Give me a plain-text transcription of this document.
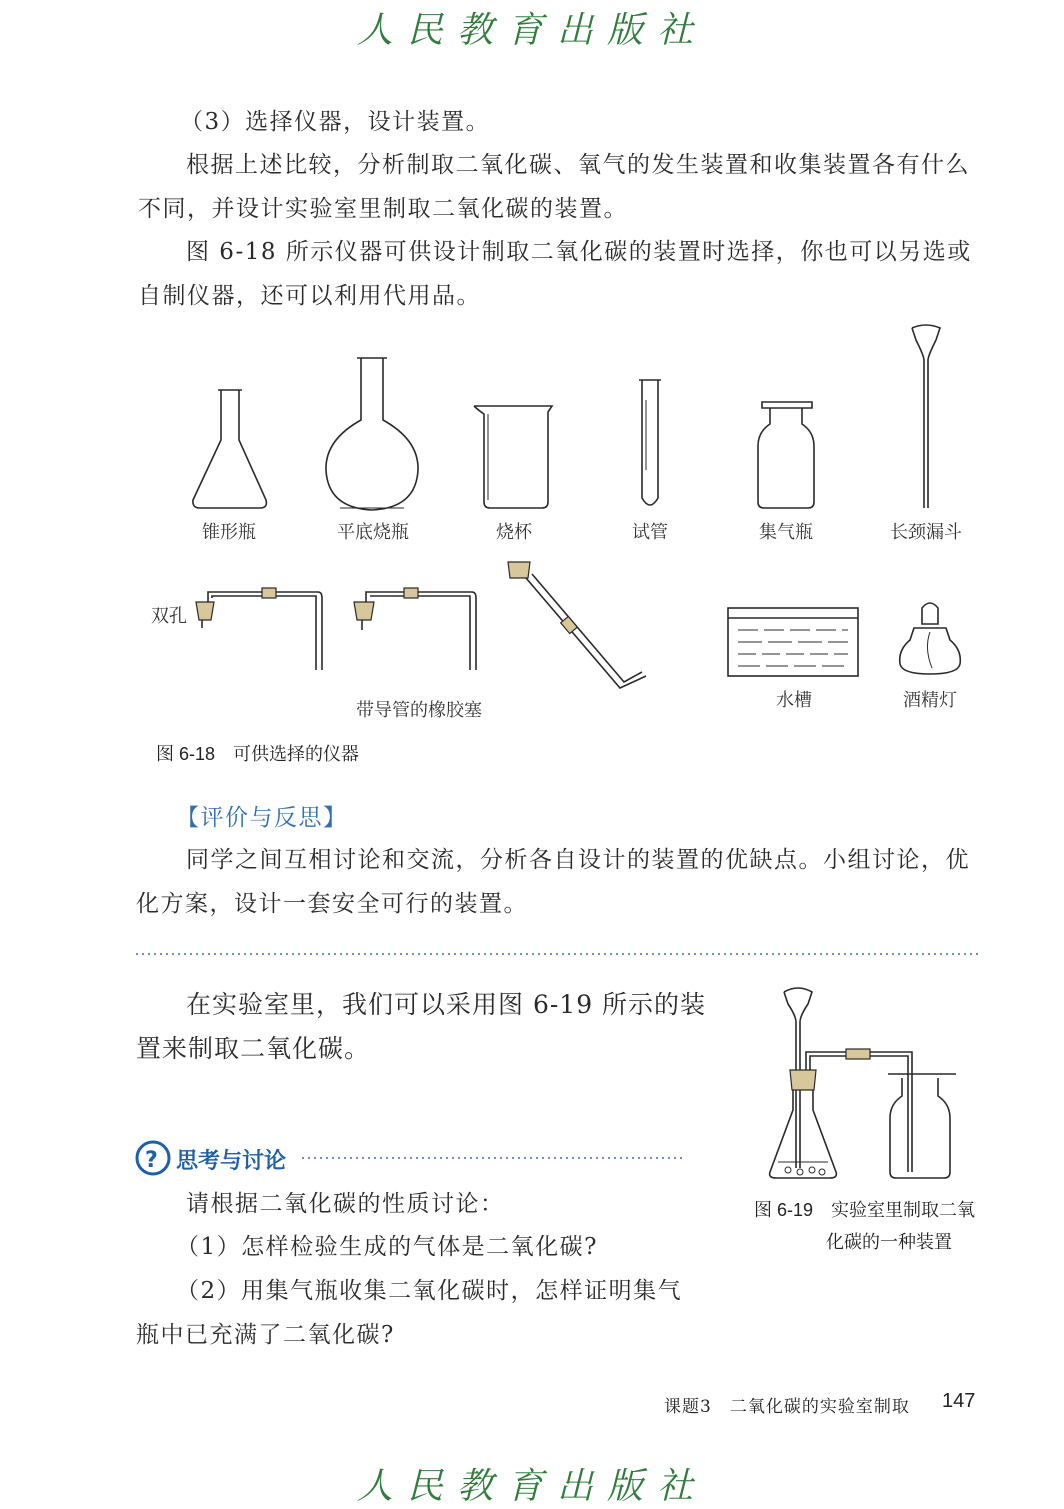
人民教育出版社
（3）选择仪器，设计装置。
根据上述比较，分析制取二氧化碳、氧气的发生装置和收集装置各有什么
不同，并设计实验室里制取二氧化碳的装置。
图 6-18 所示仪器可供设计制取二氧化碳的装置时选择，你也可以另选或
自制仪器，还可以利用代用品。
?
锥形瓶	平底烧瓶	烧杯	试管	集气瓶	长颈漏斗
双孔
带导管的橡胶塞	水槽	酒精灯
图 6-18　可供选择的仪器
【评价与反思】
同学之间互相讨论和交流，分析各自设计的装置的优缺点。小组讨论，优
化方案，设计一套安全可行的装置。
在实验室里，我们可以采用图 6-19 所示的装
置来制取二氧化碳。
思考与讨论
请根据二氧化碳的性质讨论：
（1）怎样检验生成的气体是二氧化碳?
（2）用集气瓶收集二氧化碳时，怎样证明集气
瓶中已充满了二氧化碳?
图 6-19　实验室里制取二氧
化碳的一种装置
课题3　二氧化碳的实验室制取 147
人民教育出版社
